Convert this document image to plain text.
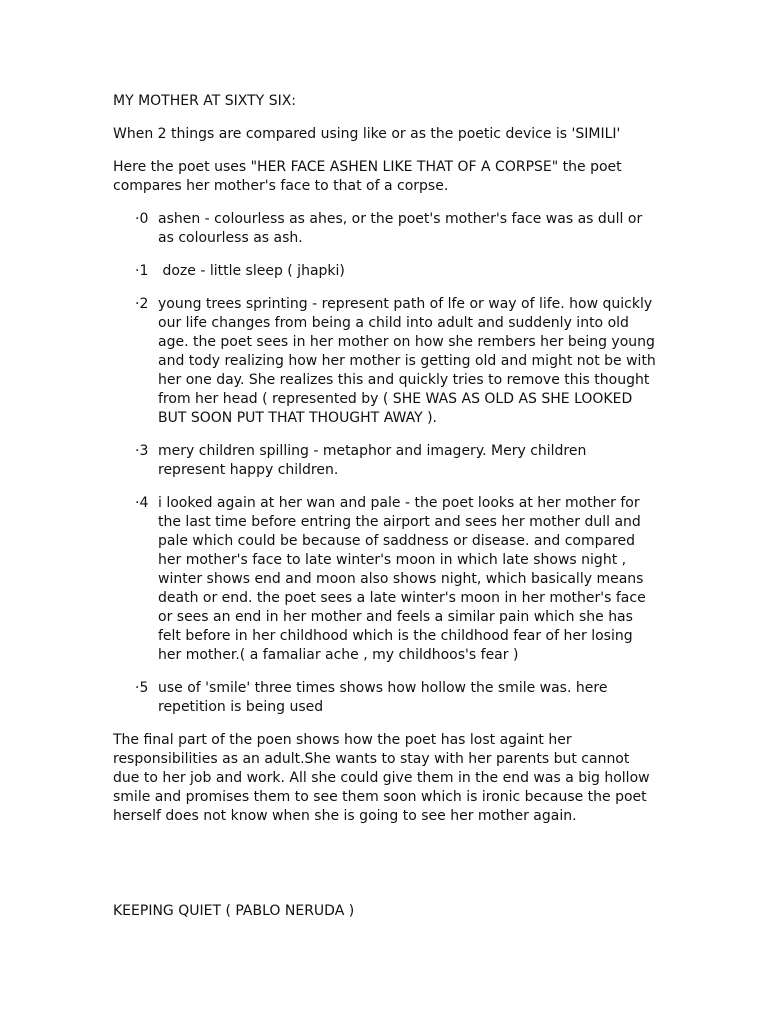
MY MOTHER AT SIXTY SIX:

When 2 things are compared using like or as the poetic device is 'SIMILI'

Here the poet uses "HER FACE ASHEN LIKE THAT OF A CORPSE" the poet compares her mother's face to that of a corpse.

·0 ashen - colourless as ahes, or the poet's mother's face was as dull or as colourless as ash.
·1 doze - little sleep ( jhapki)
·2 young trees sprinting - represent path of lfe or way of life. how quickly our life changes from being a child into adult and suddenly into old age. the poet sees in her mother on how she rembers her being young and tody realizing how her mother is getting old and might not be with her one day. She realizes this and quickly tries to remove this thought from her head ( represented by ( SHE WAS AS OLD AS SHE LOOKED BUT SOON PUT THAT THOUGHT AWAY ).
·3 mery children spilling - metaphor and imagery. Mery children represent happy children.
·4 i looked again at her wan and pale - the poet looks at her mother for the last time before entring the airport and sees her mother dull and pale which could be because of saddness or disease. and compared her mother's face to late winter's moon in which late shows night , winter shows end and moon also shows night, which basically means death or end. the poet sees a late winter's moon in her mother's face or sees an end in her mother and feels a similar pain which she has felt before in her childhood which is the childhood fear of her losing her mother.( a famaliar ache , my childhoos's fear )
·5 use of 'smile' three times shows how hollow the smile was. here repetition is being used

The final part of the poen shows how the poet has lost againt her responsibilities as an adult.She wants to stay with her parents but cannot due to her job and work. All she could give them in the end was a big hollow smile and promises them to see them soon which is ironic because the poet herself does not know when she is going to see her mother again.

KEEPING QUIET ( PABLO NERUDA )
